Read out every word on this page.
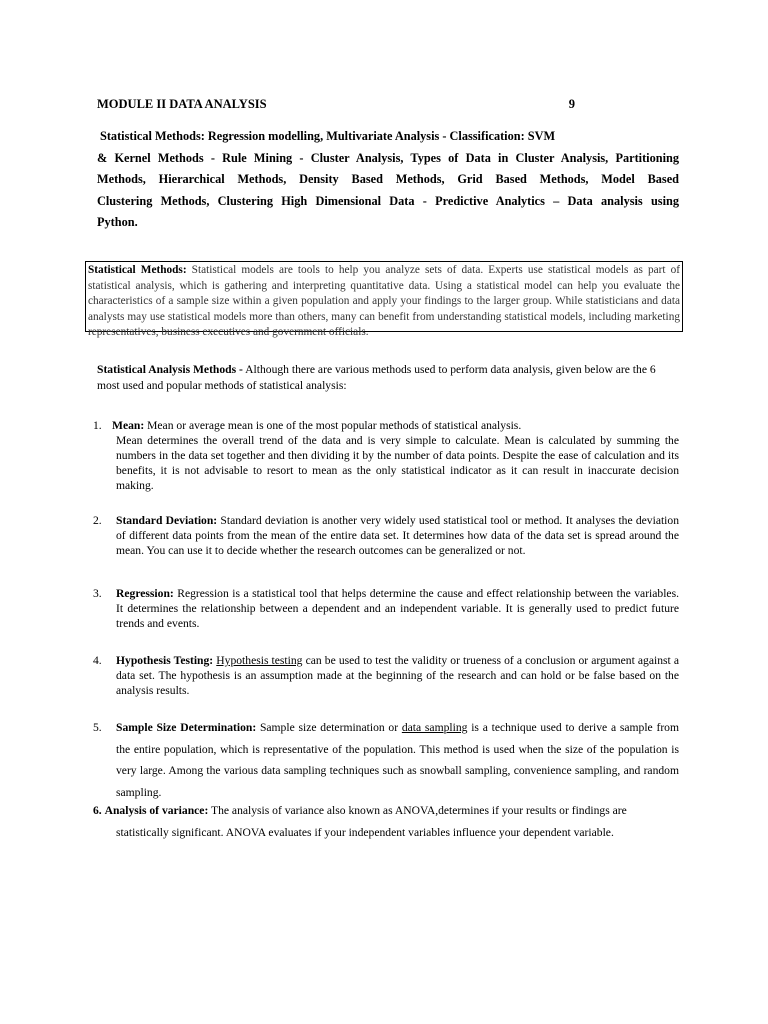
MODULE II DATA ANALYSIS	9
Statistical Methods: Regression modelling, Multivariate Analysis - Classification: SVM
& Kernel Methods - Rule Mining - Cluster Analysis, Types of Data in Cluster Analysis, Partitioning
Methods, Hierarchical Methods, Density Based Methods, Grid Based Methods, Model Based
Clustering Methods, Clustering High Dimensional Data - Predictive Analytics – Data analysis using
Python.
Statistical Methods: Statistical models are tools to help you analyze sets of data. Experts use statistical models as part of statistical analysis, which is gathering and interpreting quantitative data. Using a statistical model can help you evaluate the characteristics of a sample size within a given population and apply your findings to the larger group. While statisticians and data analysts may use statistical models more than others, many can benefit from understanding statistical models, including marketing representatives, business executives and government officials.
Statistical Analysis Methods - Although there are various methods used to perform data analysis, given below are the 6 most used and popular methods of statistical analysis:
1. Mean: Mean or average mean is one of the most popular methods of statistical analysis.
Mean determines the overall trend of the data and is very simple to calculate. Mean is calculated by summing the numbers in the data set together and then dividing it by the number of data points. Despite the ease of calculation and its benefits, it is not advisable to resort to mean as the only statistical indicator as it can result in inaccurate decision making.
2. Standard Deviation: Standard deviation is another very widely used statistical tool or method. It analyses the deviation of different data points from the mean of the entire data set. It determines how data of the data set is spread around the mean. You can use it to decide whether the research outcomes can be generalized or not.
3. Regression: Regression is a statistical tool that helps determine the cause and effect relationship between the variables. It determines the relationship between a dependent and an independent variable. It is generally used to predict future trends and events.
4. Hypothesis Testing: Hypothesis testing can be used to test the validity or trueness of a conclusion or argument against a data set. The hypothesis is an assumption made at the beginning of the research and can hold or be false based on the analysis results.
5. Sample Size Determination: Sample size determination or data sampling is a technique used to derive a sample from the entire population, which is representative of the population. This method is used when the size of the population is very large. Among the various data sampling techniques such as snowball sampling, convenience sampling, and random sampling.
6. Analysis of variance: The analysis of variance also known as ANOVA,determines if your results or findings are
statistically significant. ANOVA evaluates if your independent variables influence your dependent variable.
